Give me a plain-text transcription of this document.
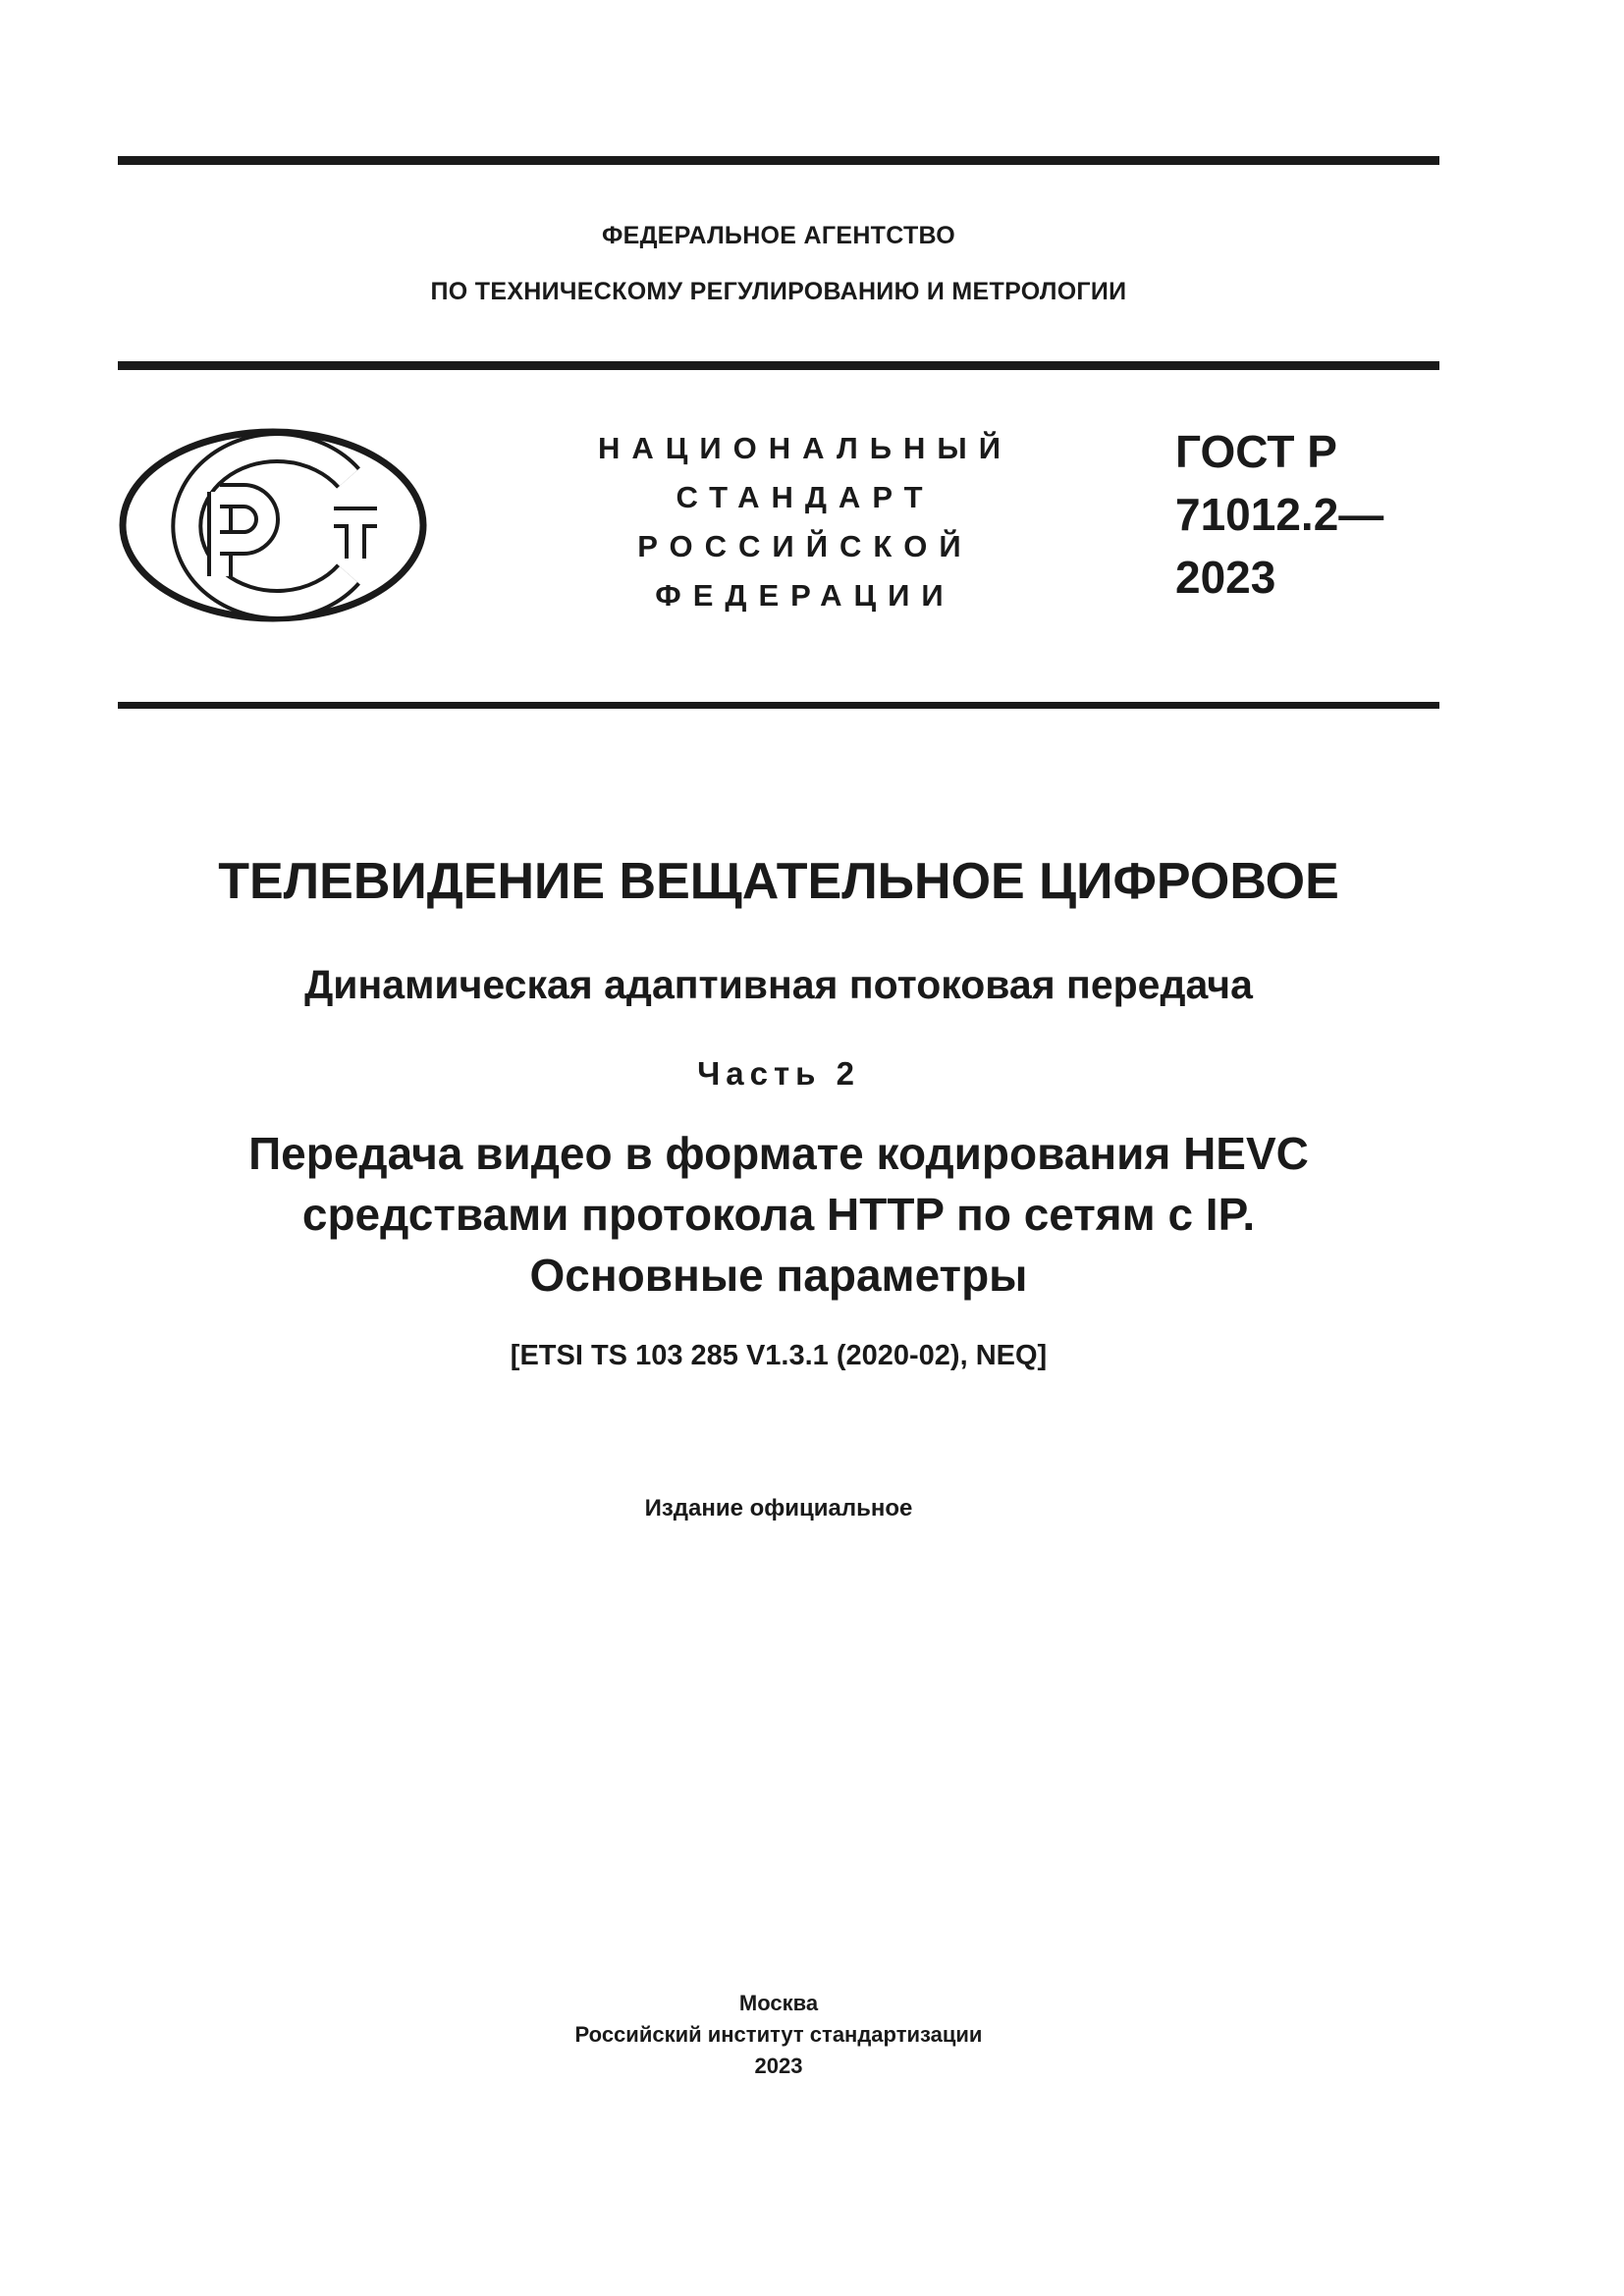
ФЕДЕРАЛЬНОЕ АГЕНТСТВО
ПО ТЕХНИЧЕСКОМУ РЕГУЛИРОВАНИЮ И МЕТРОЛОГИИ
НАЦИОНАЛЬНЫЙ
СТАНДАРТ
РОССИЙСКОЙ
ФЕДЕРАЦИИ
ГОСТ Р
71012.2—
2023
ТЕЛЕВИДЕНИЕ ВЕЩАТЕЛЬНОЕ ЦИФРОВОЕ
Динамическая адаптивная потоковая передача
Часть 2
Передача видео в формате кодирования HEVC
средствами протокола HTTP по сетям с IP.
Основные параметры
[ETSI TS 103 285 V1.3.1 (2020-02), NEQ]
Издание официальное
Москва
Российский институт стандартизации
2023
